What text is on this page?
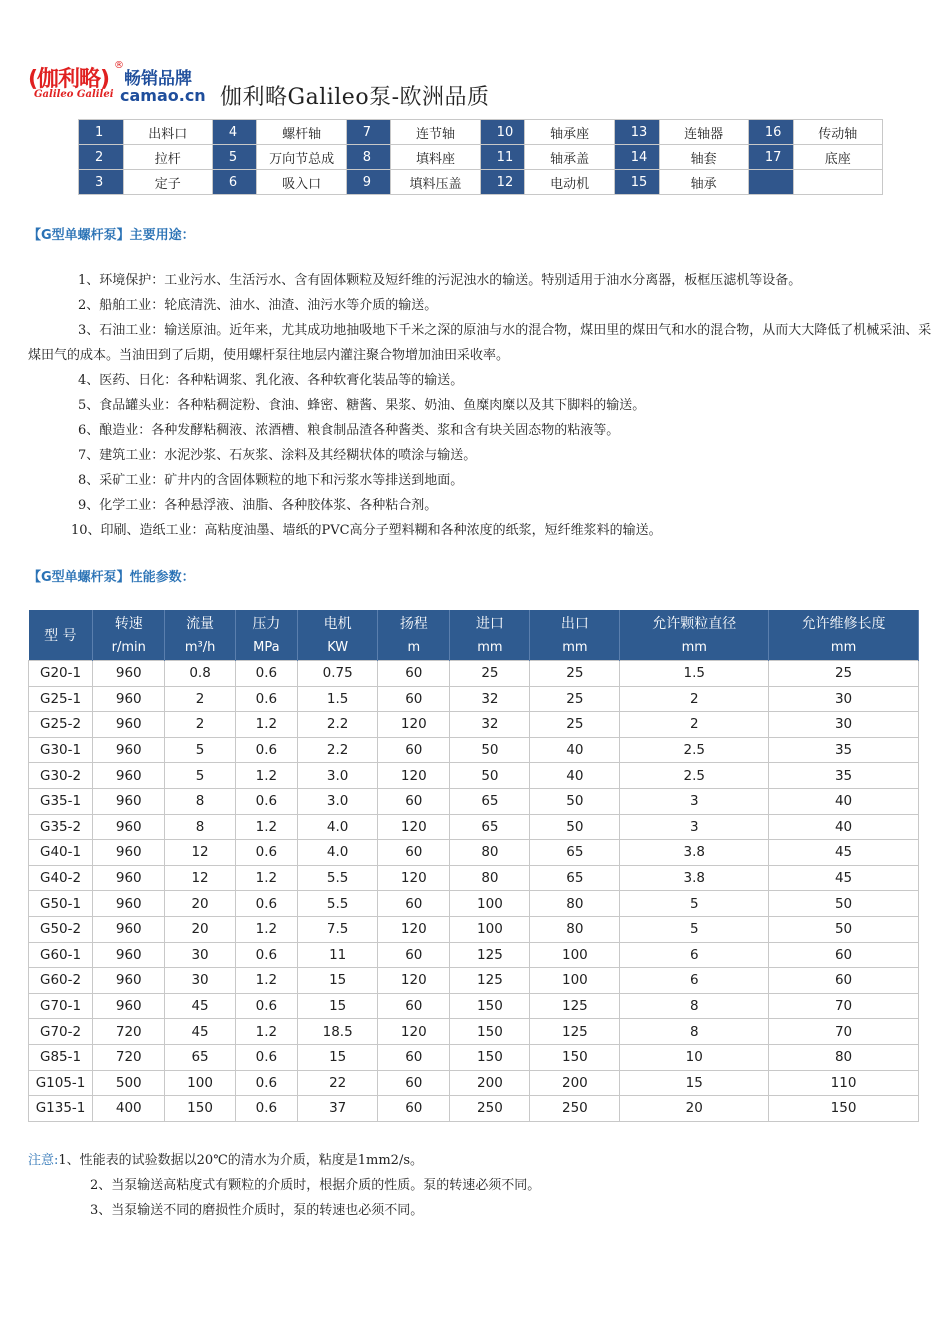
(伽利略)
®
Galileo Galilei
畅销品牌
camao.cn 伽利略Galileo泵-欧洲品质
1	出料口	4	螺杆轴	7	连节轴	10	轴承座	13	连轴器	16	传动轴
2	拉杆	5	万向节总成	8	填料座	11	轴承盖	14	轴套	17	底座
3	定子	6	吸入口	9	填料压盖	12	电动机	15	轴承		
【G型单螺杆泵】主要用途：

1、环境保护：工业污水、生活污水、含有固体颗粒及短纤维的污泥浊水的输送。特别适用于油水分离器，板框压滤机等设备。

2、船舶工业：轮底清洗、油水、油渣、油污水等介质的输送。

3、石油工业：输送原油。近年来，尤其成功地抽吸地下千米之深的原油与水的混合物，煤田里的煤田气和水的混合物，从而大大降低了机械采油、采煤田气的成本。当油田到了后期，使用螺杆泵往地层内灌注聚合物增加油田采收率。

4、医药、日化：各种粘调浆、乳化液、各种软膏化装品等的输送。

5、食品罐头业：各种粘稠淀粉、食油、蜂密、糖酱、果浆、奶油、鱼糜肉糜以及其下脚料的输送。

6、酿造业：各种发酵粘稠液、浓酒槽、粮食制品渣各种酱类、浆和含有块关固态物的粘液等。

7、建筑工业：水泥沙浆、石灰浆、涂料及其经糊状体的喷涂与输送。

8、采矿工业：矿井内的含固体颗粒的地下和污浆水等排送到地面。

9、化学工业：各种悬浮液、油脂、各种胶体浆、各种粘合剂。

10、印刷、造纸工业：高粘度油墨、墙纸的PVC高分子塑料糊和各种浓度的纸浆，短纤维浆料的输送。

【G型单螺杆泵】性能参数：
型 号	转速	流量	压力	电机	扬程	进口	出口	允许颗粒直径	允许维修长度
	r/min	m³/h	MPa	KW	m	mm	mm	mm	mm
G20-1	960	0.8	0.6	0.75	60	25	25	1.5	25
G25-1	960	2	0.6	1.5	60	32	25	2	30
G25-2	960	2	1.2	2.2	120	32	25	2	30
G30-1	960	5	0.6	2.2	60	50	40	2.5	35
G30-2	960	5	1.2	3.0	120	50	40	2.5	35
G35-1	960	8	0.6	3.0	60	65	50	3	40
G35-2	960	8	1.2	4.0	120	65	50	3	40
G40-1	960	12	0.6	4.0	60	80	65	3.8	45
G40-2	960	12	1.2	5.5	120	80	65	3.8	45
G50-1	960	20	0.6	5.5	60	100	80	5	50
G50-2	960	20	1.2	7.5	120	100	80	5	50
G60-1	960	30	0.6	11	60	125	100	6	60
G60-2	960	30	1.2	15	120	125	100	6	60
G70-1	960	45	0.6	15	60	150	125	8	70
G70-2	720	45	1.2	18.5	120	150	125	8	70
G85-1	720	65	0.6	15	60	150	150	10	80
G105-1	500	100	0.6	22	60	200	200	15	110
G135-1	400	150	0.6	37	60	250	250	20	150

注意:1、性能表的试验数据以20℃的清水为介质，粘度是1mm2/s。

2、当泵输送高粘度式有颗粒的介质时，根据介质的性质。泵的转速必须不同。

3、当泵输送不同的磨损性介质时，泵的转速也必须不同。
